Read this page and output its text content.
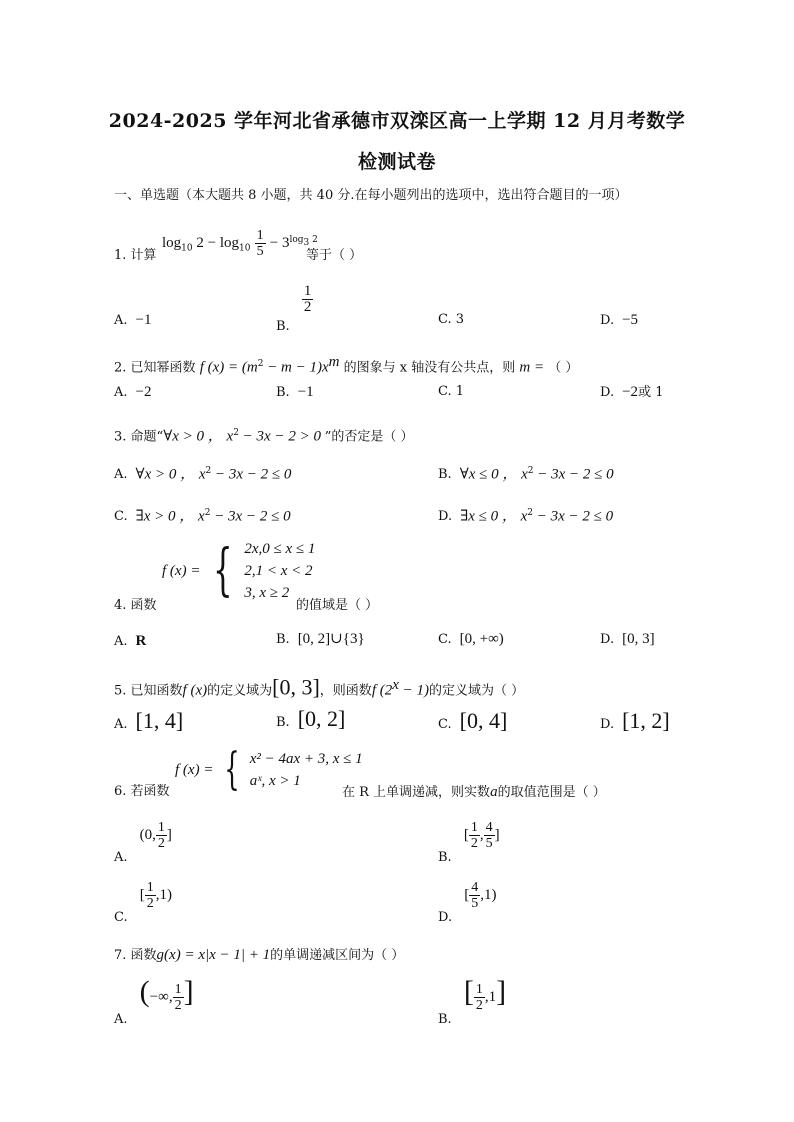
2024-2025 学年河北省承德市双滦区高一上学期 12 月月考数学
检测试卷
一、单选题（本大题共 8 小题，共 40 分.在每小题列出的选项中，选出符合题目的一项）
$\log_{10} 2 - \log_{10} \frac{1}{5} - 3^{log_3 2}$
1. 计算	等于（ ）
A. −1	B.
$\frac{1}{2}$
C. 3	D. −5
2. 已知幂函数 f $(x) = (m^2 - m - 1)x^m$ 的图象与 x 轴没有公共点，则 m = （ ）
A. −2	B. −1	C. 1	D. −2或 1
3. 命题“∀x > 0 ， $x^2 - 3x - 2 > 0$ ”的否定是（ ）
A. ∀x > 0 ， $x^2 - 3x - 2 \le 0$	B. ∀x ≤ 0 ， $x^2 - 3x - 2 \le 0$
C. ∃x > 0 ， $x^2 - 3x - 2 \le 0$	D. ∃x ≤ 0 ， $x^2 - 3x - 2 \le 0$
f (x) = { 2x,0 ≤ x ≤ 1
2,1 < x < 2
3, x ≥ 2
4. 函数	的值域是（ ）
A. R	B. [0, 2]∪{3}	C. [0, +∞)	D. [0, 3]
5. 已知函数f (x)的定义域为[0, 3]，则函数f $(2^x - 1)$的定义域为（ ）
A. [1, 4]	B. [0, 2]	C. [0, 4]	D. [1, 2]
f (x) = { x² − 4ax + 3, x ≤ 1
aˣ, x > 1
6. 若函数	在 R 上单调递减，则实数a的取值范围是（ ）
A. (0, $\frac{1}{2}$ ]
B. [ $\frac{1}{2}$ , $\frac{4}{5}$ ]
C. [ $\frac{1}{2} ,1$)
D. [ $\frac{4}{5} ,1$)
7. 函数g(x) = x|x − 1| + 1的单调递减区间为（ ）
A. (−∞, $\frac{1}{2}$ ]
B. [ $\frac{1}{2} ,1$]
